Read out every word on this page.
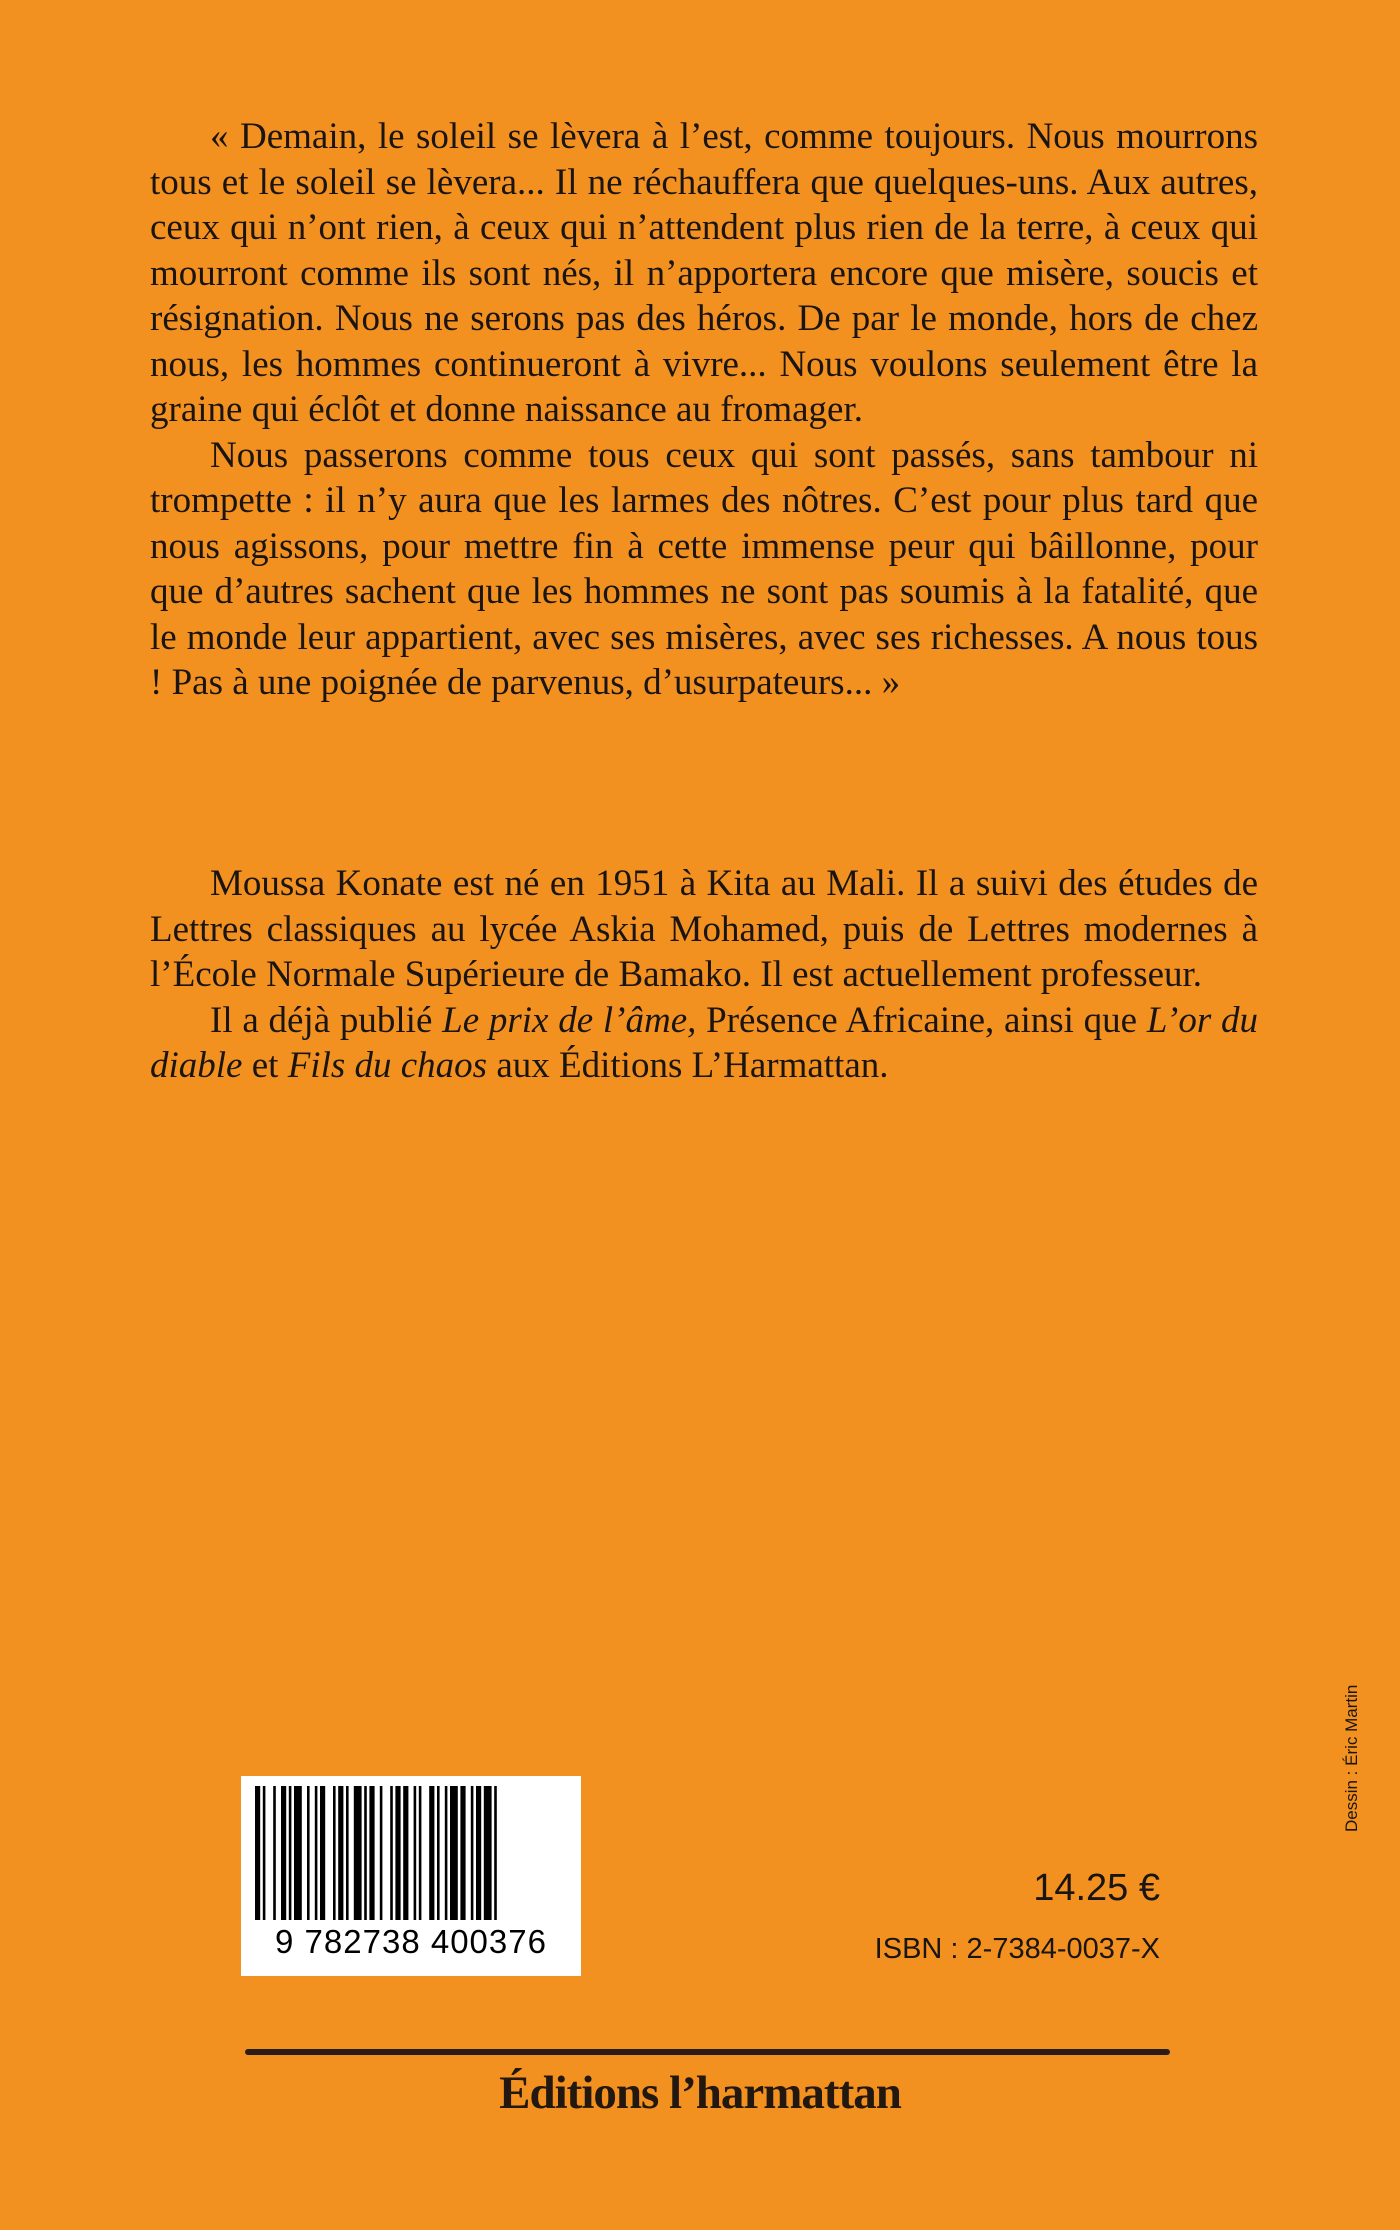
« Demain, le soleil se lèvera à l’est, comme toujours. Nous mourrons tous et le soleil se lèvera... Il ne réchauffera que quelques-uns. Aux autres, ceux qui n’ont rien, à ceux qui n’attendent plus rien de la terre, à ceux qui mourront comme ils sont nés, il n’apportera encore que misère, soucis et résignation. Nous ne serons pas des héros. De par le monde, hors de chez nous, les hommes continueront à vivre... Nous voulons seulement être la graine qui éclôt et donne naissance au fromager.

Nous passerons comme tous ceux qui sont passés, sans tambour ni trompette : il n’y aura que les larmes des nôtres. C’est pour plus tard que nous agissons, pour mettre fin à cette immense peur qui bâillonne, pour que d’autres sachent que les hommes ne sont pas soumis à la fatalité, que le monde leur appartient, avec ses misères, avec ses richesses. A nous tous ! Pas à une poignée de parvenus, d’usurpateurs... »

Moussa Konate est né en 1951 à Kita au Mali. Il a suivi des études de Lettres classiques au lycée Askia Mohamed, puis de Lettres modernes à l’École Normale Supérieure de Bamako. Il est actuellement professeur.

Il a déjà publié Le prix de l’âme, Présence Africaine, ainsi que L’or du diable et Fils du chaos aux Éditions L’Harmattan.

Dessin : Éric Martin
9 782738 400376
14.25 €
ISBN : 2-7384-0037-X
Éditions l’harmattan
